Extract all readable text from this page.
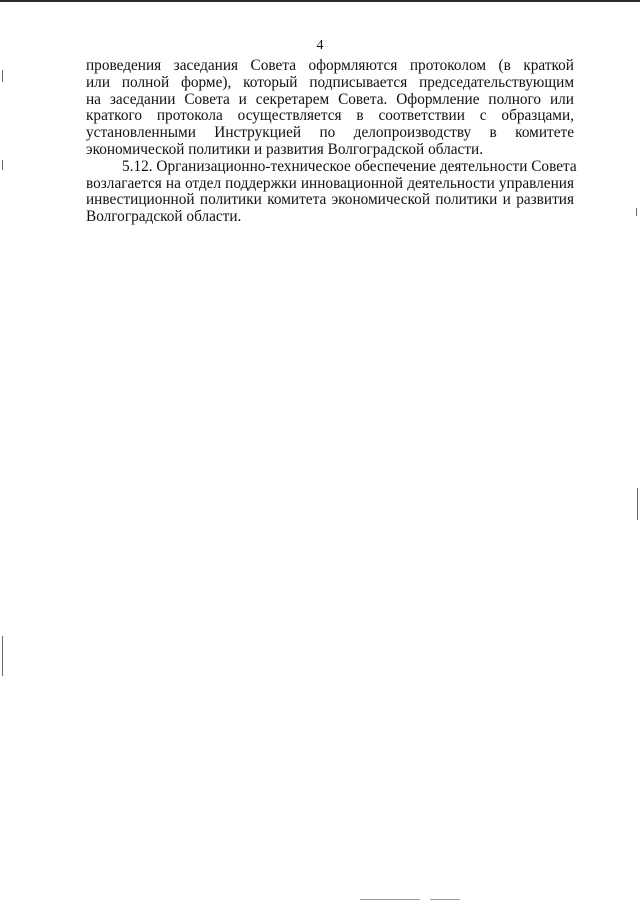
4
проведения заседания Совета оформляются протоколом (в краткой
или полной форме), который подписывается председательствующим
на заседании Совета и секретарем Совета. Оформление полного или
краткого протокола осуществляется в соответствии с образцами,
установленными Инструкцией по делопроизводству в комитете
экономической политики и развития Волгоградской области.
5.12. Организационно-техническое обеспечение деятельности Совета
возлагается на отдел поддержки инновационной деятельности управления
инвестиционной политики комитета экономической политики и развития
Волгоградской области.
